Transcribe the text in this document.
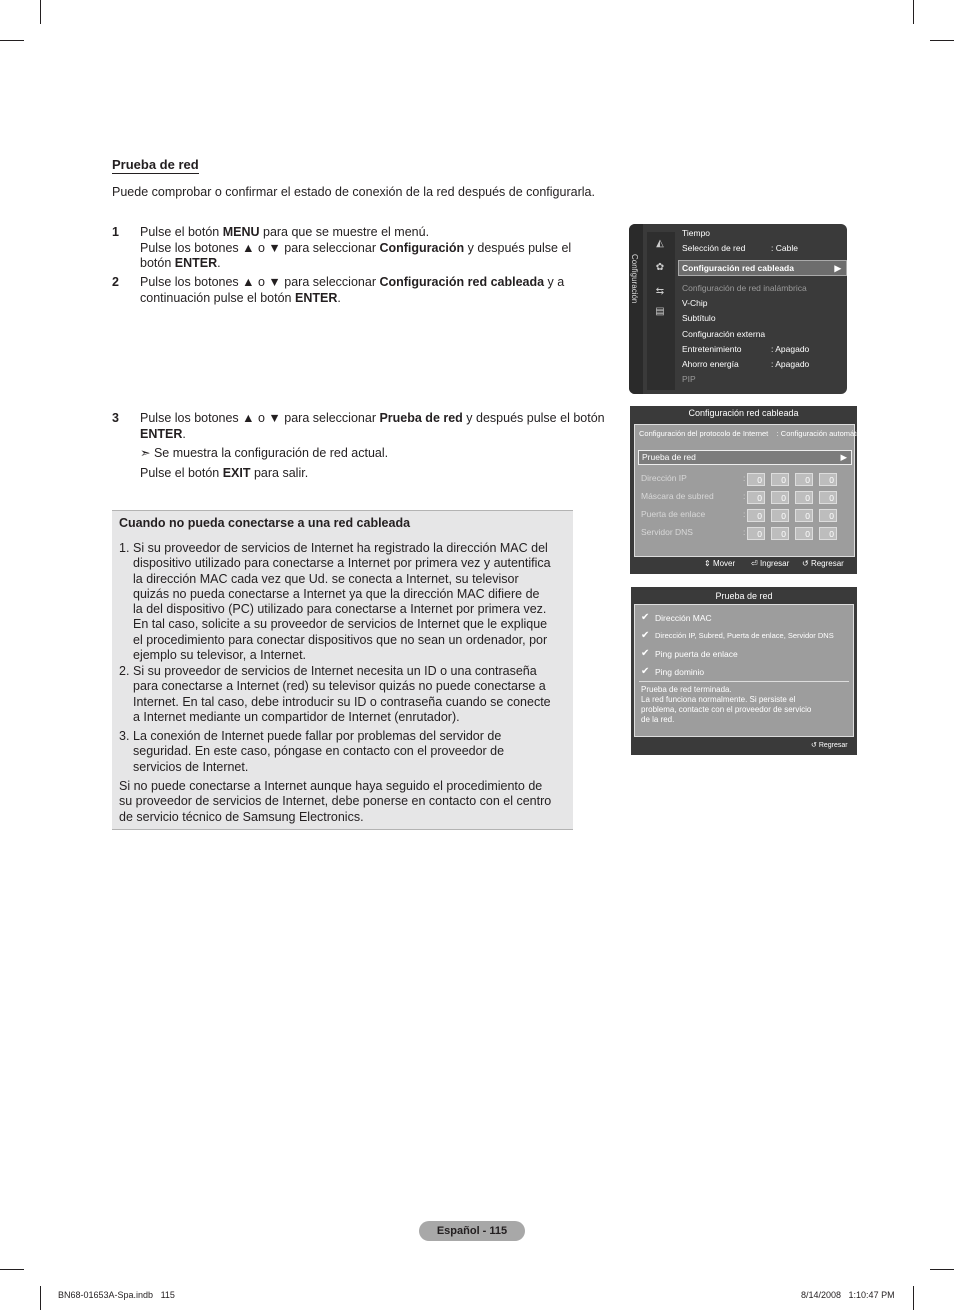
Prueba de red
Puede comprobar o confirmar el estado de conexión de la red después de configurarla.
1 Pulse el botón MENU para que se muestre el menú.
Pulse los botones ▲ o ▼ para seleccionar Configuración y después pulse el
botón ENTER.
2 Pulse los botones ▲ o ▼ para seleccionar Configuración red cableada y a
continuación pulse el botón ENTER.
3 Pulse los botones ▲ o ▼ para seleccionar Prueba de red y después pulse el botón
ENTER.
➣ Se muestra la configuración de red actual.
Pulse el botón EXIT para salir.
Cuando no pueda conectarse a una red cableada
1. Si su proveedor de servicios de Internet ha registrado la dirección MAC del
dispositivo utilizado para conectarse a Internet por primera vez y autentifica
la dirección MAC cada vez que Ud. se conecta a Internet, su televisor
quizás no pueda conectarse a Internet ya que la dirección MAC difiere de
la del dispositivo (PC) utilizado para conectarse a Internet por primera vez.
En tal caso, solicite a su proveedor de servicios de Internet que le explique
el procedimiento para conectar dispositivos que no sean un ordenador, por
ejemplo su televisor, a Internet.
2. Si su proveedor de servicios de Internet necesita un ID o una contraseña
para conectarse a Internet (red) su televisor quizás no puede conectarse a
Internet. En tal caso, debe introducir su ID o contraseña cuando se conecte
a Internet mediante un compartidor de Internet (enrutador).
3. La conexión de Internet puede fallar por problemas del servidor de
seguridad. En este caso, póngase en contacto con el proveedor de
servicios de Internet.
Si no puede conectarse a Internet aunque haya seguido el procedimiento de
su proveedor de servicios de Internet, debe ponerse en contacto con el centro
de servicio técnico de Samsung Electronics.
Configuración
◭
✿
⇆
▤
Tiempo
Selección de red	: Cable
Configuración red cableada	▶
Configuración de red inalámbrica
V-Chip
Subtítulo
Configuración externa
Entretenimiento	: Apagado
Ahorro energía	: Apagado
PIP
Configuración red cableada
Configuración del protocolo de Internet : Configuración automática
Prueba de red	▶
Dirección IP	:	0	0	0	0
Máscara de subred	:	0	0	0	0
Puerta de enlace	:	0	0	0	0
Servidor DNS	:	0	0	0	0
⇕ Mover ⏎ Ingresar ↺ Regresar
Prueba de red
✔ Dirección MAC
✔ Dirección IP, Subred, Puerta de enlace, Servidor DNS
✔ Ping puerta de enlace
✔ Ping dominio
Prueba de red terminada.
La red funciona normalmente. Si persiste el
problema, contacte con el proveedor de servicio
de la red.
↺ Regresar
Español - 115
BN68-01653A-Spa.indb   115	8/14/2008   1:10:47 PM
